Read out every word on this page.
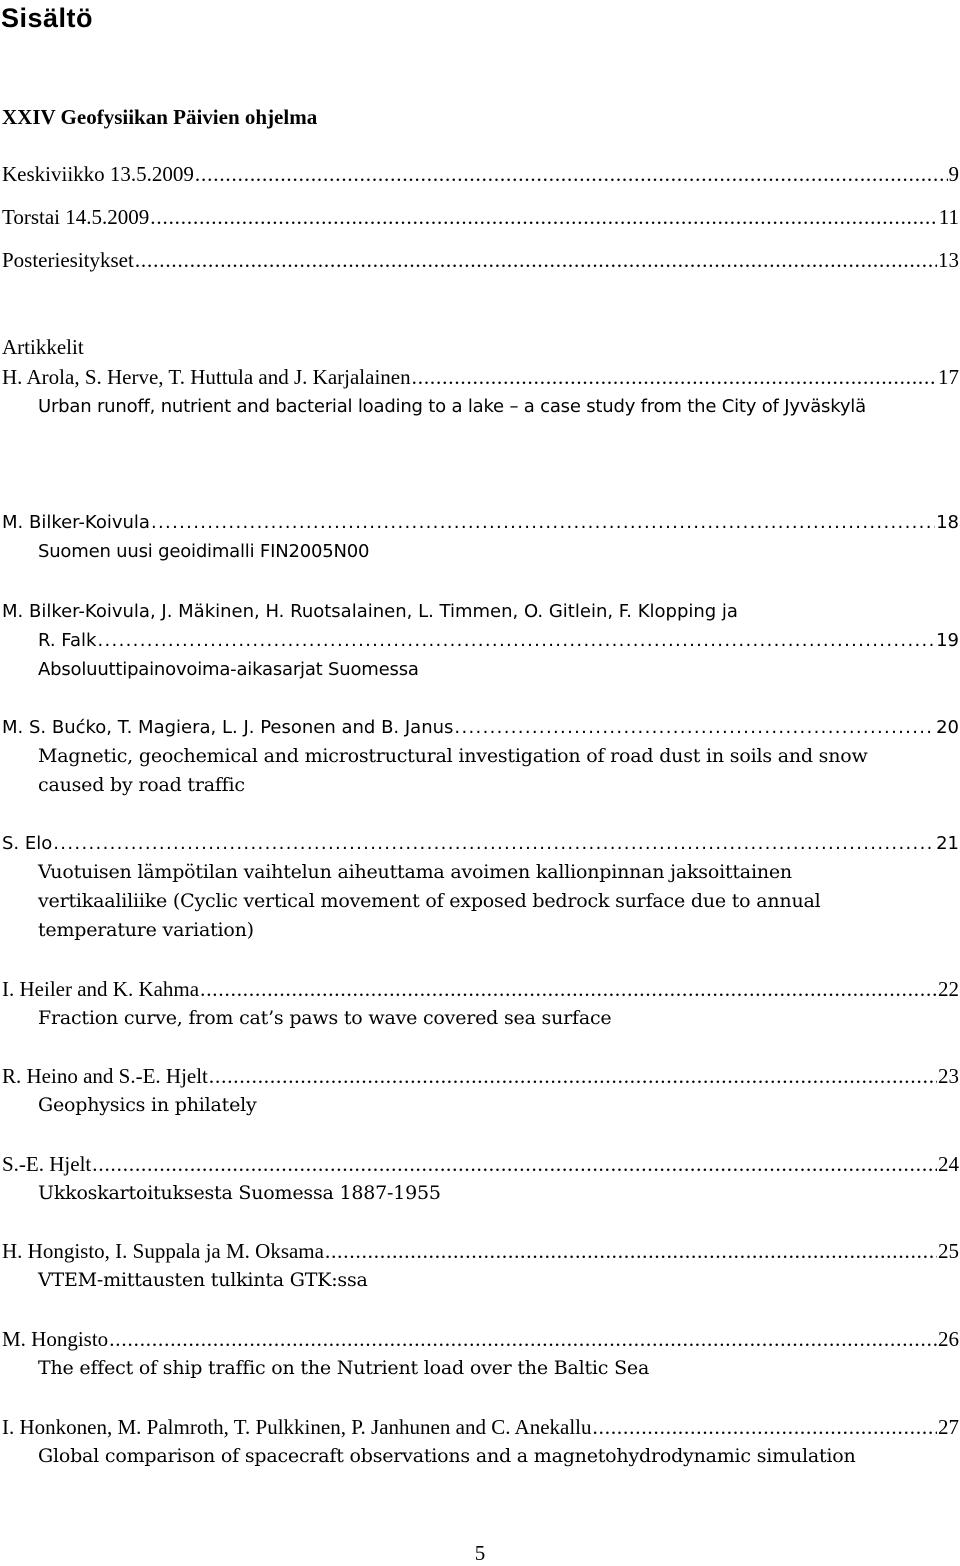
Sisältö
XXIV Geofysiikan Päivien ohjelma
Keskiviikko 13.5.2009 . . .	9
Torstai 14.5.2009 . . .	11
Posteriesitykset . . .	13
Artikkelit
H. Arola, S. Herve, T. Huttula and J. Karjalainen . . .	17
Urban runoff, nutrient and bacterial loading to a lake – a case study from the City of Jyväskylä
M. Bilker-Koivula . . .	18
Suomen uusi geoidimalli FIN2005N00
M. Bilker-Koivula, J. Mäkinen, H. Ruotsalainen, L. Timmen, O. Gitlein, F. Klopping ja
R. Falk . . .	19
Absoluuttipainovoima-aikasarjat Suomessa
M. S. Bućko, T. Magiera, L. J. Pesonen and B. Janus . . .	20
Magnetic, geochemical and microstructural investigation of road dust in soils and snow caused by road traffic
S. Elo . . .	21
Vuotuisen lämpötilan vaihtelun aiheuttama avoimen kallionpinnan jaksoittainen vertikaaliliike (Cyclic vertical movement of exposed bedrock surface due to annual temperature variation)
I. Heiler and K. Kahma . . .	22
Fraction curve, from cat’s paws to wave covered sea surface
R. Heino and S.-E. Hjelt . . .	23
Geophysics in philately
S.-E. Hjelt . . .	24
Ukkoskartoituksesta Suomessa 1887-1955
H. Hongisto, I. Suppala ja M. Oksama . . .	25
VTEM-mittausten tulkinta GTK:ssa
M. Hongisto . . .	26
The effect of ship traffic on the Nutrient load over the Baltic Sea
I. Honkonen, M. Palmroth, T. Pulkkinen, P. Janhunen and C. Anekallu . . .	27
Global comparison of spacecraft observations and a magnetohydrodynamic simulation
5
